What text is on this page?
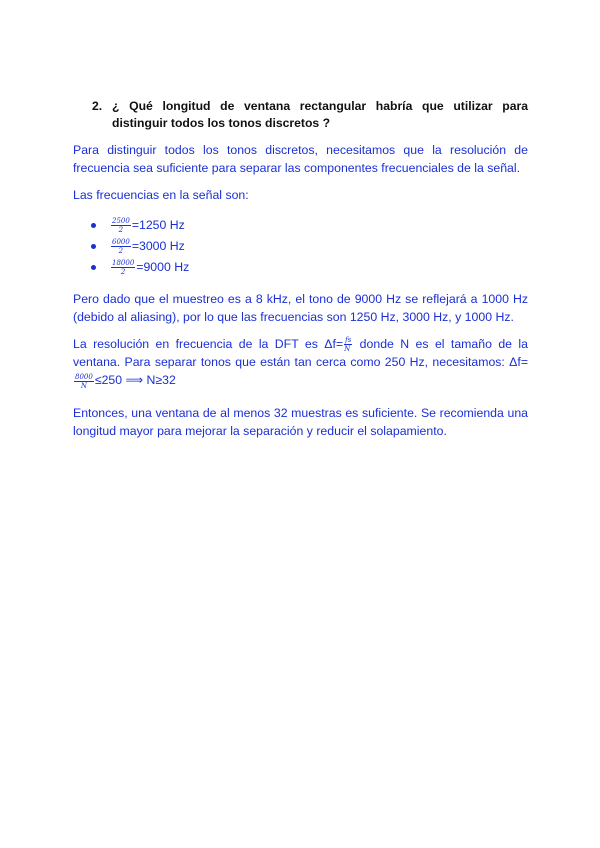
2. ¿ Qué longitud de ventana rectangular habría que utilizar para distinguir todos los tonos discretos ?
Para distinguir todos los tonos discretos, necesitamos que la resolución de frecuencia sea suficiente para separar las componentes frecuenciales de la señal.
Las frecuencias en la señal son:
$\frac{2500}{2} =1250$ Hz
$\frac{6000}{2} =3000$ Hz
$\frac{18000}{2} =9000$ Hz
Pero dado que el muestreo es a 8 kHz, el tono de 9000 Hz se reflejará a 1000 Hz (debido al aliasing), por lo que las frecuencias son 1250 Hz, 3000 Hz, y 1000 Hz.
La resolución en frecuencia de la DFT es $\Delta f= \frac{fs}{N}$ donde N es el tamaño de la
ventana. Para separar tonos que están tan cerca como 250 Hz, necesitamos: Δf=
$\frac{8000}{N} \le 250$ ⟹ N≥32
Entonces, una ventana de al menos 32 muestras es suficiente. Se recomienda una longitud mayor para mejorar la separación y reducir el solapamiento.
